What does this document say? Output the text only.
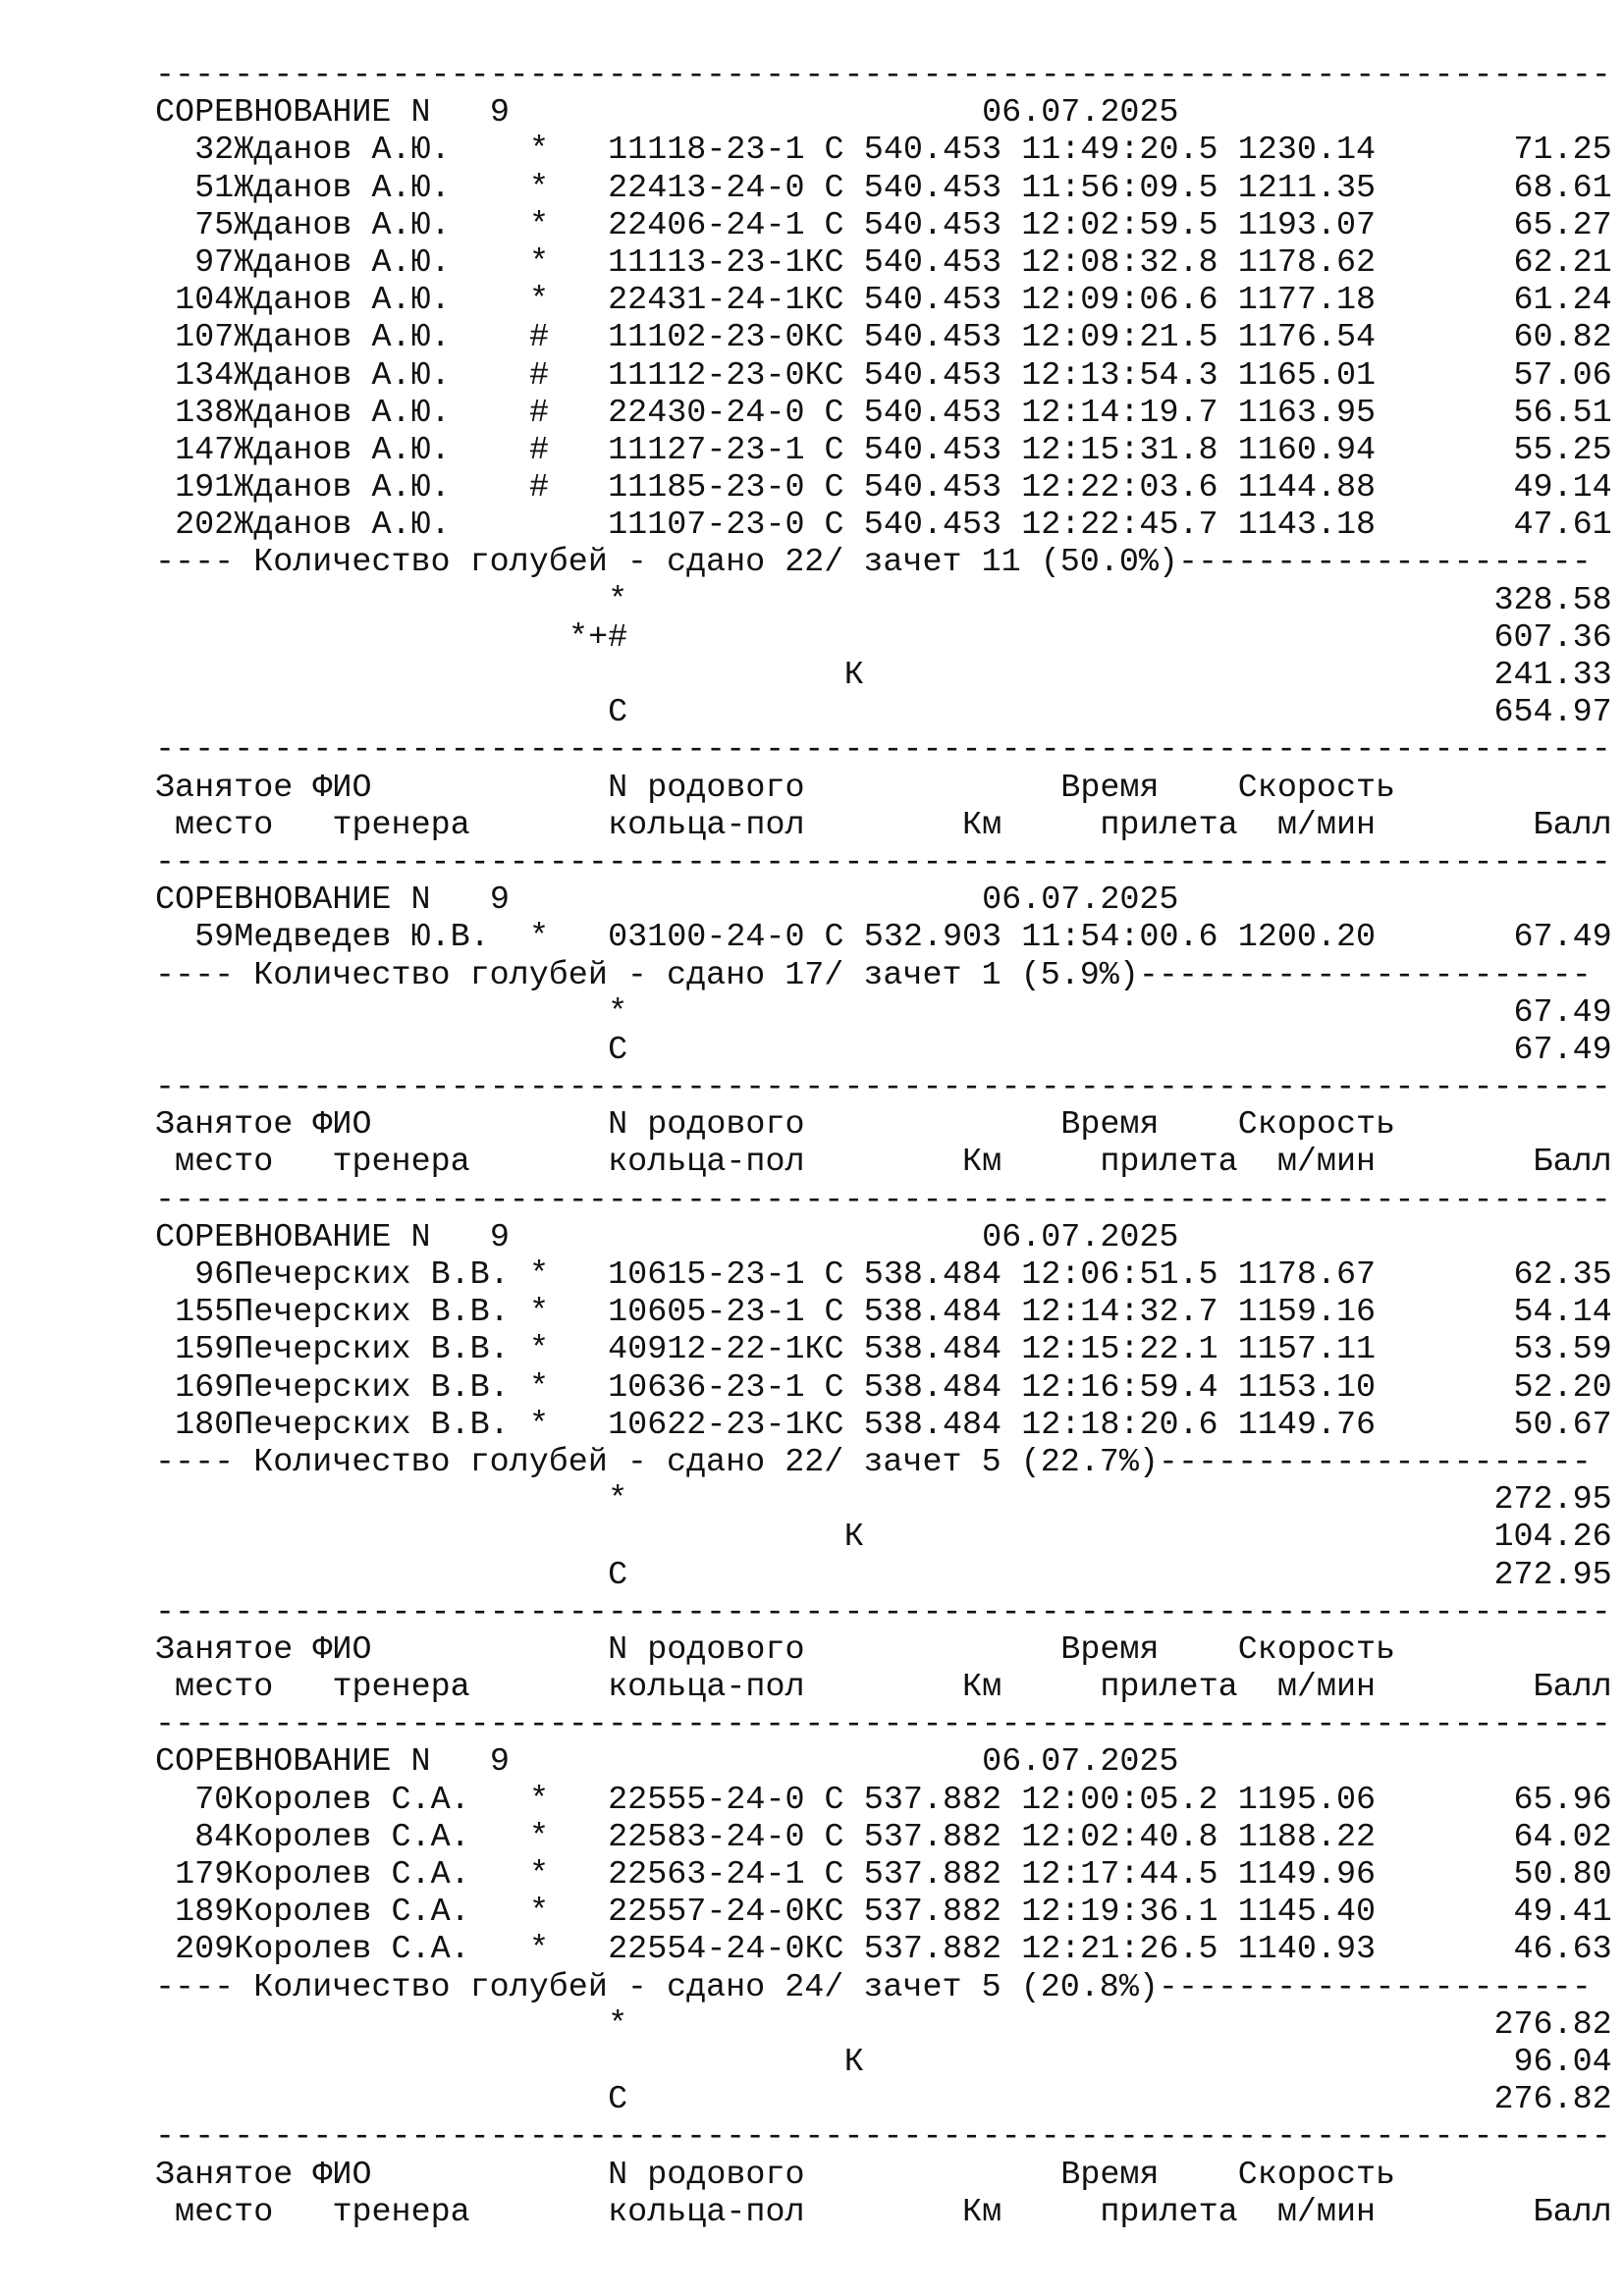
--------------------------------------------------------------------------
СОРЕВНОВАНИЕ N 9	06.07.2025
32 Жданов А.Ю. * 11118-23-1 С 540.453 11:49:20.5 1230.14	71.25
51 Жданов А.Ю. * 22413-24-0 С 540.453 11:56:09.5 1211.35	68.61
75 Жданов А.Ю. * 22406-24-1 С 540.453 12:02:59.5 1193.07	65.27
97 Жданов А.Ю. * 11113-23-1КС 540.453 12:08:32.8 1178.62	62.21
104 Жданов А.Ю. * 22431-24-1КС 540.453 12:09:06.6 1177.18	61.24
107 Жданов А.Ю. # 11102-23-0КС 540.453 12:09:21.5 1176.54	60.82
134 Жданов А.Ю. # 11112-23-0КС 540.453 12:13:54.3 1165.01	57.06
138 Жданов А.Ю. # 22430-24-0 С 540.453 12:14:19.7 1163.95	56.51
147 Жданов А.Ю. # 11127-23-1 С 540.453 12:15:31.8 1160.94	55.25
191 Жданов А.Ю. # 11185-23-0 С 540.453 12:22:03.6 1144.88	49.14
202 Жданов А.Ю.	11107-23-0 С 540.453 12:22:45.7 1143.18	47.61
---- Количество голубей - сдано 22/ зачет 11 (50.0%)---------------------
*	328.58
*+#	607.36
К	241.33
С	654.97
--------------------------------------------------------------------------
Занятое ФИО	N родового	Время Скорость
место тренера	кольца-пол	Км	прилета м/мин	Балл
--------------------------------------------------------------------------
СОРЕВНОВАНИЕ N 9	06.07.2025
59 Медведев Ю.В. * 03100-24-0 С 532.903 11:54:00.6 1200.20	67.49
---- Количество голубей - сдано 17/ зачет 1 (5.9%)-----------------------
*	67.49
С	67.49
--------------------------------------------------------------------------
Занятое ФИО	N родового	Время Скорость
место тренера	кольца-пол	Км	прилета м/мин	Балл
--------------------------------------------------------------------------
СОРЕВНОВАНИЕ N 9	06.07.2025
96 Печерских В.В. * 10615-23-1 С 538.484 12:06:51.5 1178.67	62.35
155 Печерских В.В. * 10605-23-1 С 538.484 12:14:32.7 1159.16	54.14
159 Печерских В.В. * 40912-22-1КС 538.484 12:15:22.1 1157.11	53.59
169 Печерских В.В. * 10636-23-1 С 538.484 12:16:59.4 1153.10	52.20
180 Печерских В.В. * 10622-23-1КС 538.484 12:18:20.6 1149.76	50.67
---- Количество голубей - сдано 22/ зачет 5 (22.7%)----------------------
*	272.95
К	104.26
С	272.95
--------------------------------------------------------------------------
Занятое ФИО	N родового	Время Скорость
место тренера	кольца-пол	Км	прилета м/мин	Балл
--------------------------------------------------------------------------
СОРЕВНОВАНИЕ N 9	06.07.2025
70 Королев С.А. * 22555-24-0 С 537.882 12:00:05.2 1195.06	65.96
84 Королев С.А. * 22583-24-0 С 537.882 12:02:40.8 1188.22	64.02
179 Королев С.А. * 22563-24-1 С 537.882 12:17:44.5 1149.96	50.80
189 Королев С.А. * 22557-24-0КС 537.882 12:19:36.1 1145.40	49.41
209 Королев С.А. * 22554-24-0КС 537.882 12:21:26.5 1140.93	46.63
---- Количество голубей - сдано 24/ зачет 5 (20.8%)----------------------
*	276.82
К	96.04
С	276.82
--------------------------------------------------------------------------
Занятое ФИО	N родового	Время Скорость
место тренера	кольца-пол	Км	прилета м/мин	Балл
